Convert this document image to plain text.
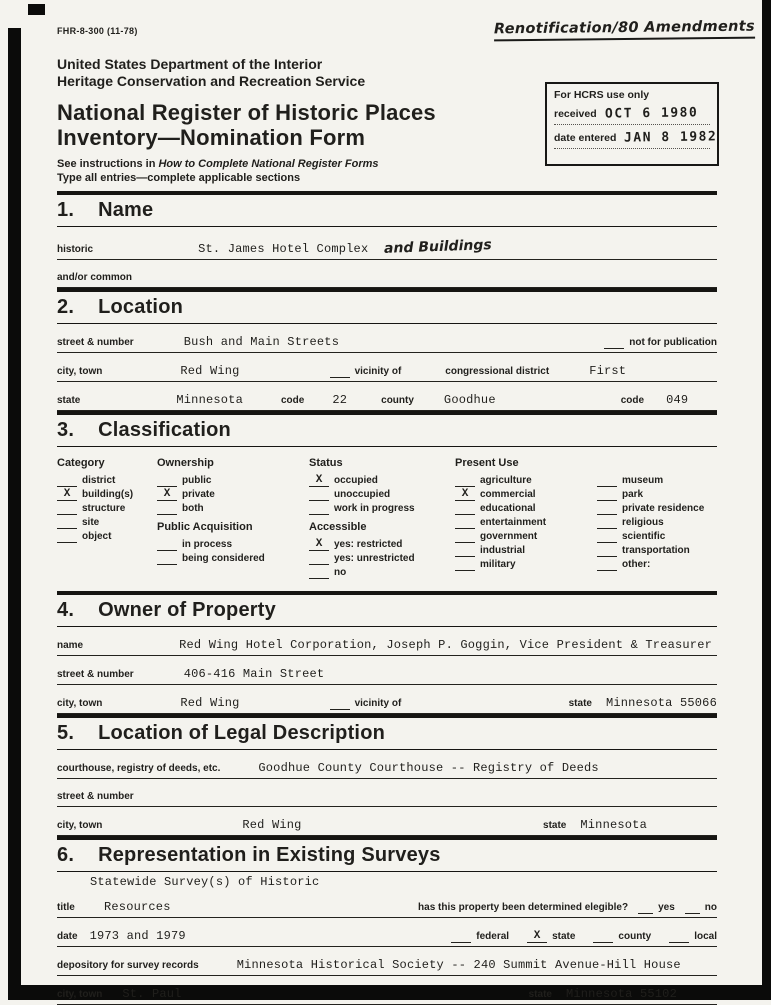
Renotification/80 Amendments
FHR-8-300 (11-78)
United States Department of the Interior
Heritage Conservation and Recreation Service
National Register of Historic Places
Inventory—Nomination Form
For HCRS use only
received OCT 6 1980
date entered JAN 8 1982
See instructions in How to Complete National Register Forms
Type all entries—complete applicable sections
1. Name
historic	St. James Hotel Complex and Buildings
and/or common
2. Location
street & number	Bush and Main Streets	not for publication
city, town	Red Wing	vicinity of	congressional district	First
state	Minnesota	code 22	county	Goodhue	code 049
3. Classification
Category
district
X	building(s)
structure
site
object
Ownership
public
X	private
both
Public Acquisition
in process
being considered
Status
X	occupied
unoccupied
work in progress
Accessible
X	yes: restricted
yes: unrestricted
no
Present Use
agriculture
X	commercial
educational
entertainment
government
industrial
military
museum
park
private residence
religious
scientific
transportation
other:
4. Owner of Property
name	Red Wing Hotel Corporation, Joseph P. Goggin, Vice President & Treasurer
street & number	406-416 Main Street
city, town	Red Wing	vicinity of	state Minnesota 55066
5. Location of Legal Description
courthouse, registry of deeds, etc.	Goodhue County Courthouse -- Registry of Deeds
street & number
city, town	Red Wing	state Minnesota
6. Representation in Existing Surveys
title
Statewide Survey(s) of Historic
Resources	has this property been determined elegible?	yes	no
date 1973 and 1979	federal	X	state	county	local
depository for survey records	Minnesota Historical Society -- 240 Summit Avenue-Hill House
city, town St. Paul	state Minnesota 55102
